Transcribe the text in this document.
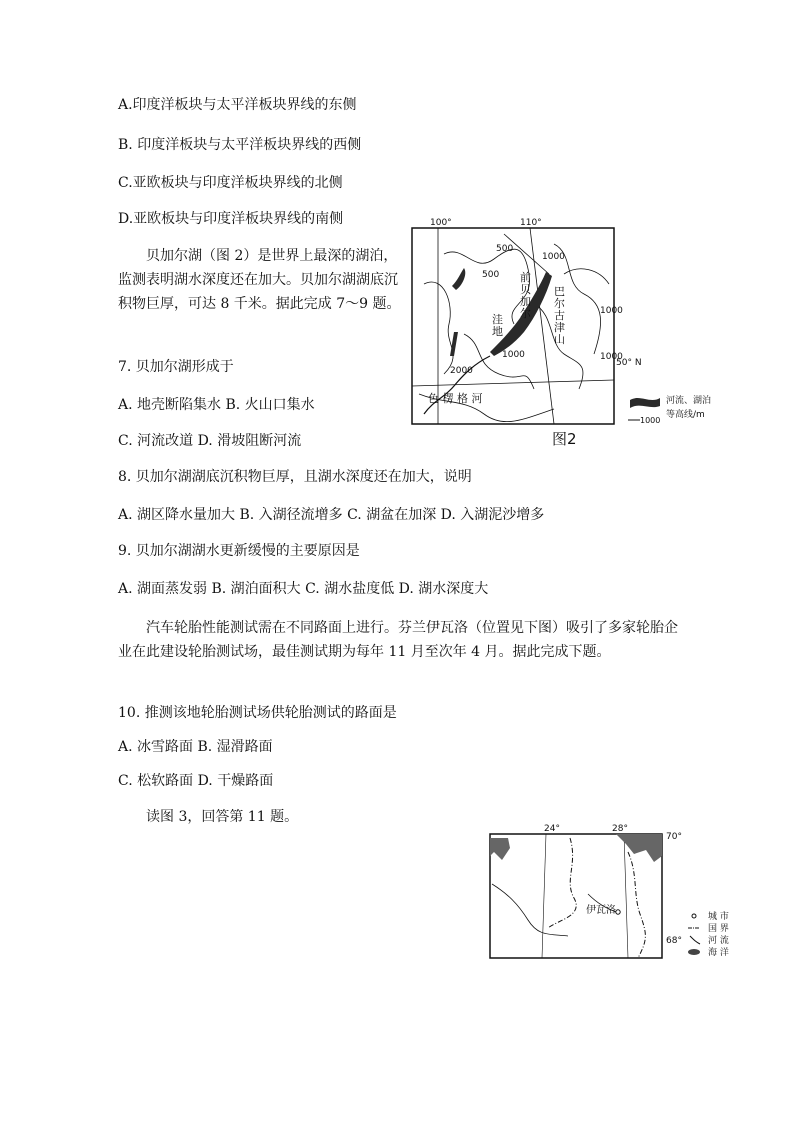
A.印度洋板块与太平洋板块界线的东侧
B. 印度洋板块与太平洋板块界线的西侧
C.亚欧板块与印度洋板块界线的北侧
D.亚欧板块与印度洋板块界线的南侧
贝加尔湖（图 2）是世界上最深的湖泊，监测表明湖水深度还在加大。贝加尔湖湖底沉积物巨厚，可达 8 千米。据此完成 7～9 题。
7. 贝加尔湖形成于
A. 地壳断陷集水 B. 火山口集水
C. 河流改道 D. 滑坡阻断河流
100°	110°
50° N
500
500
1000
1000
1000	1000
2000
前贝加尔
巴尔古津山
洼地
色 楞 格 河	河流、湖泊
等高线/m
1000
图2
8. 贝加尔湖湖底沉积物巨厚，且湖水深度还在加大，说明
A. 湖区降水量加大 B. 入湖径流增多 C. 湖盆在加深 D. 入湖泥沙增多
9. 贝加尔湖湖水更新缓慢的主要原因是
A. 湖面蒸发弱 B. 湖泊面积大 C. 湖水盐度低 D. 湖水深度大
汽车轮胎性能测试需在不同路面上进行。芬兰伊瓦洛（位置见下图）吸引了多家轮胎企业在此建设轮胎测试场，最佳测试期为每年 11 月至次年 4 月。据此完成下题。
10. 推测该地轮胎测试场供轮胎测试的路面是
A. 冰雪路面 B. 湿滑路面
C. 松软路面 D. 干燥路面
读图 3，回答第 11 题。
24°	28°
70°
68°
伊瓦洛
城 市
国 界
河 流
海 洋
